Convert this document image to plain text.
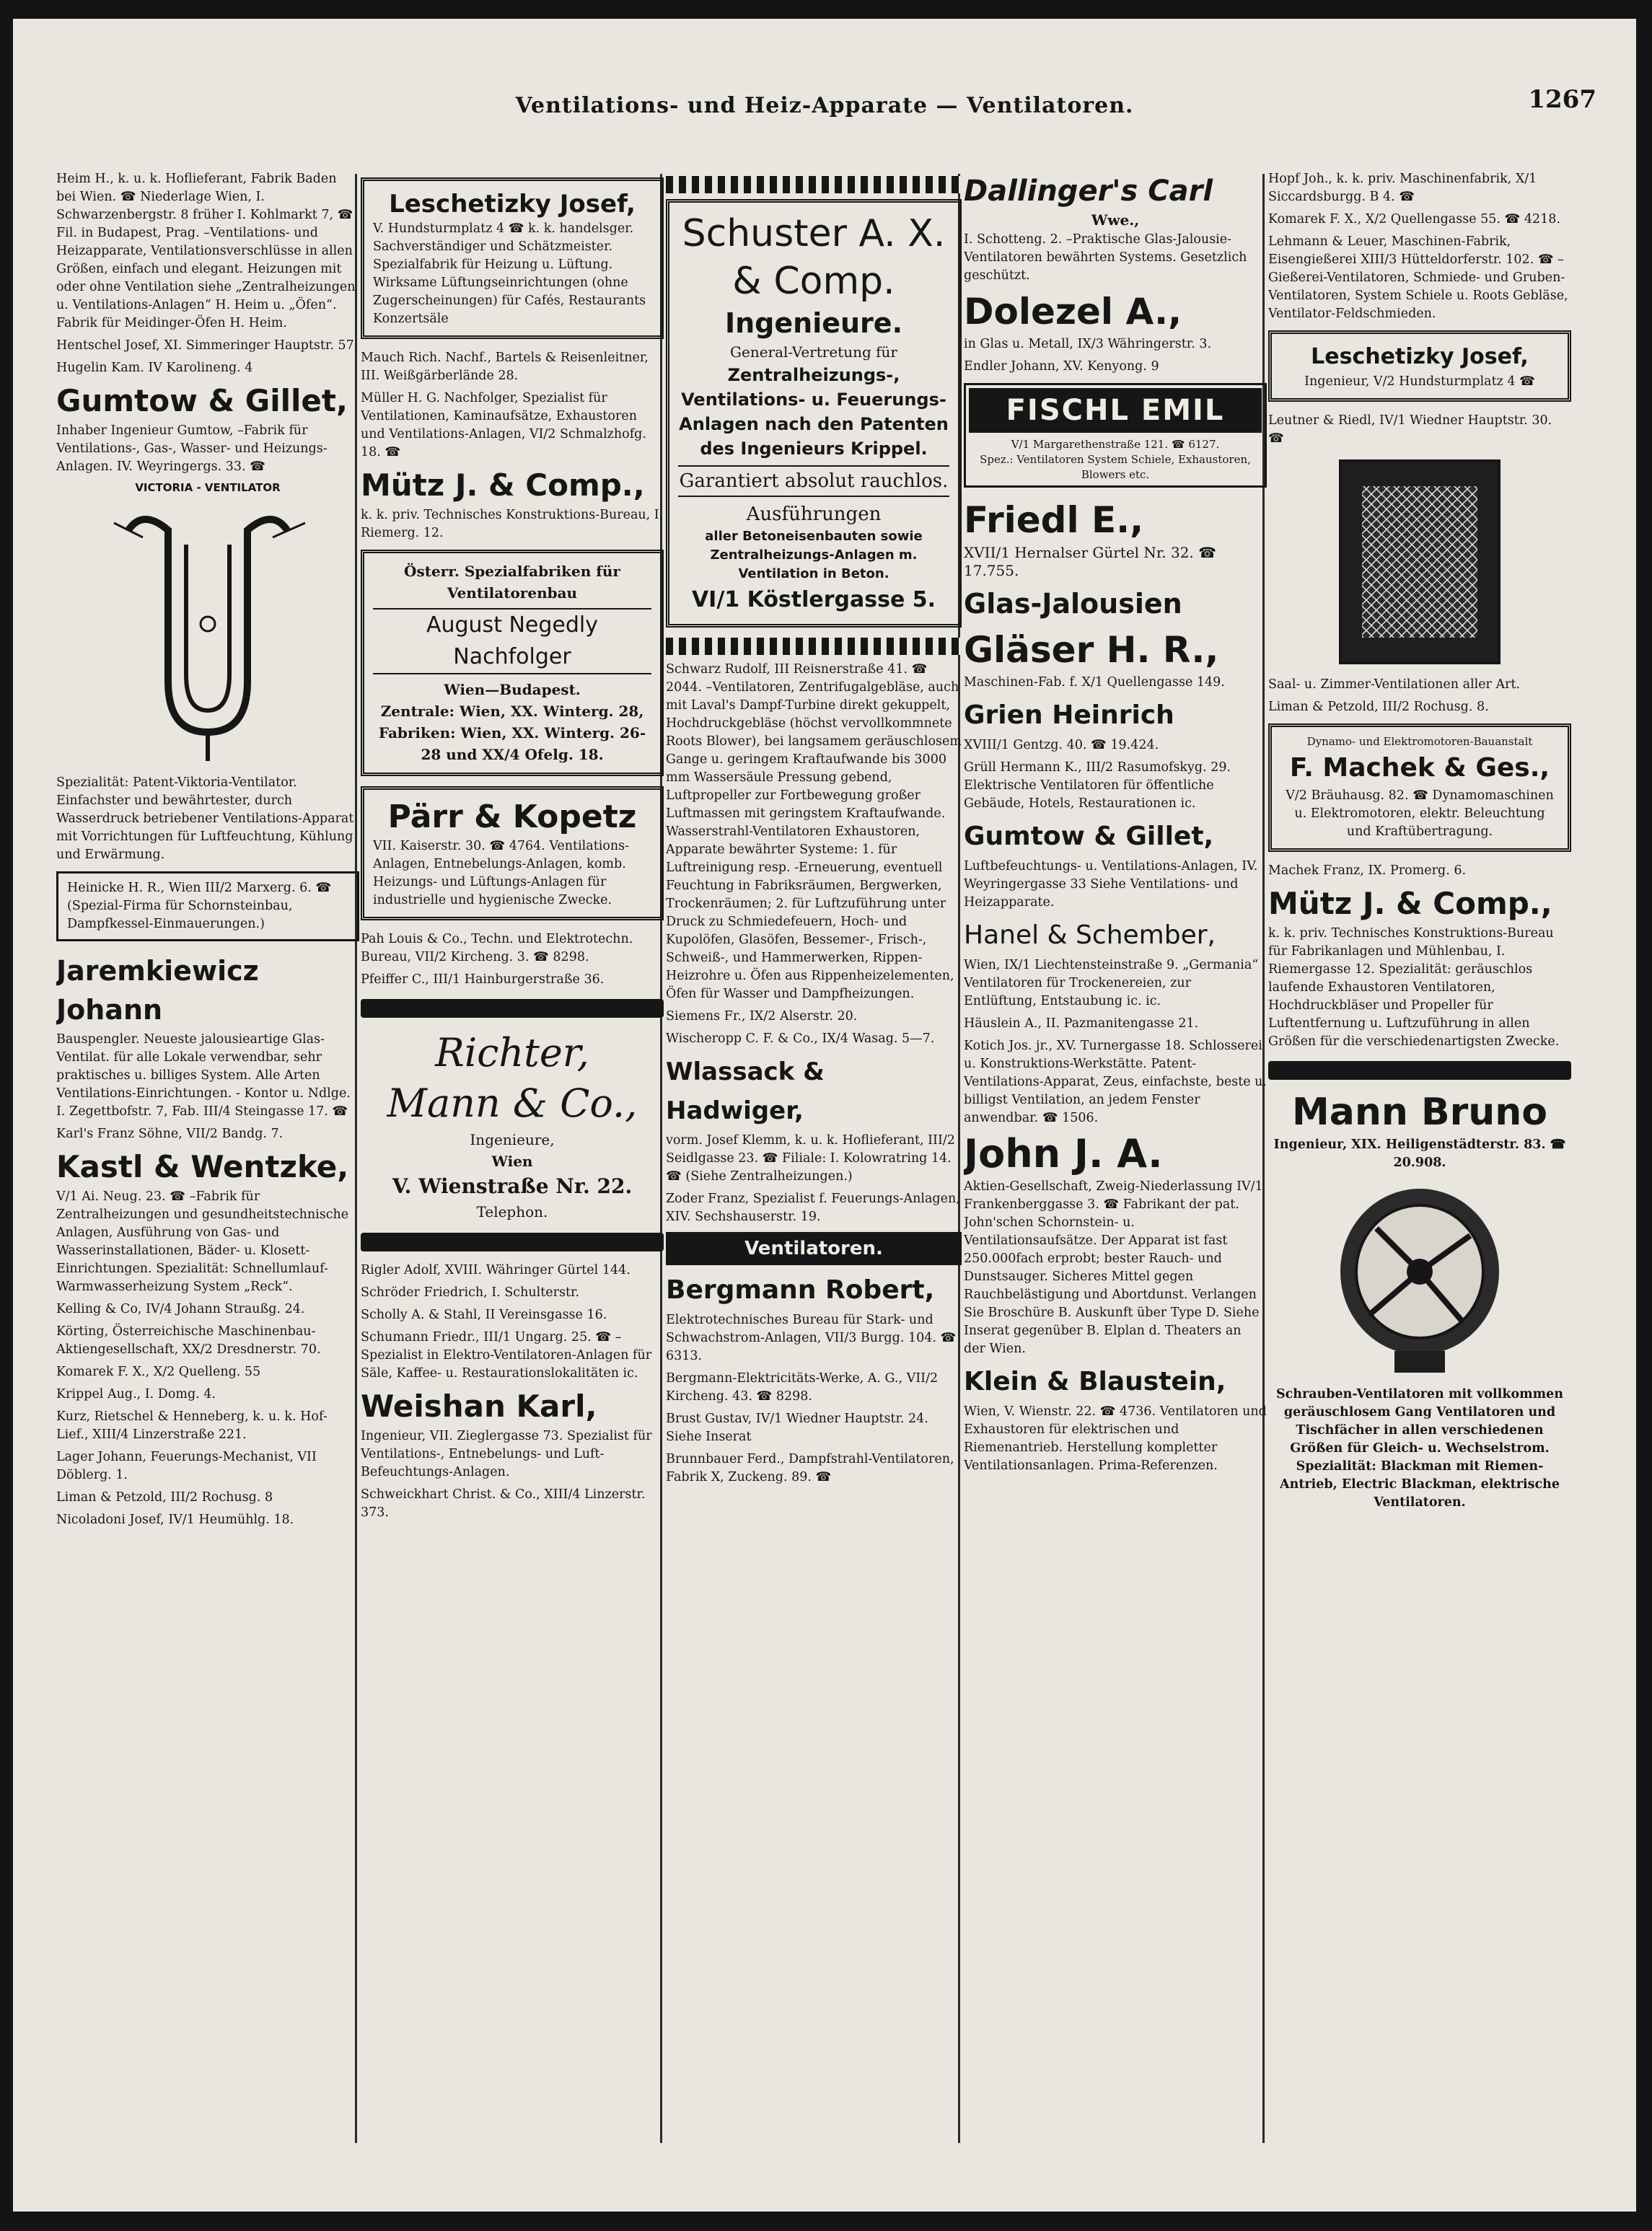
Ventilations- und Heiz-Apparate — Ventilatoren.	1267

Heim H., k. u. k. Hoflieferant, Fabrik Baden bei Wien. ☎ Niederlage Wien, I. Schwarzenbergstr. 8 früher I. Kohlmarkt 7, ☎ Fil. in Budapest, Prag. –Ventilations- und Heizapparate, Ventilationsverschlüsse in allen Größen, einfach und elegant. Heizungen mit oder ohne Ventilation siehe „Zentralheizungen u. Ventilations-Anlagen“ H. Heim u. „Öfen“. Fabrik für Meidinger-Öfen H. Heim.

Hentschel Josef, XI. Simmeringer Hauptstr. 57.

Hugelin Kam. IV Karolineng. 4

Gumtow & Gillet,

Inhaber Ingenieur Gumtow, –Fabrik für Ventilations-, Gas-, Wasser- und Heizungs-Anlagen. IV. Weyringergs. 33. ☎

VICTORIA - VENTILATOR

Spezialität: Patent-Viktoria-Ventilator. Einfachster und bewährtester, durch Wasserdruck betriebener Ventilations-Apparat mit Vorrichtungen für Luftfeuchtung, Kühlung und Erwärmung.

Heinicke H. R., Wien III/2 Marxerg. 6. ☎ (Spezial-Firma für Schornsteinbau, Dampfkessel-Einmauerungen.)

Jaremkiewicz Johann

Bauspengler. Neueste jalousieartige Glas-Ventilat. für alle Lokale verwendbar, sehr praktisches u. billiges System. Alle Arten Ventilations-Einrichtungen. - Kontor u. Ndlge. I. Zegettbofstr. 7, Fab. III/4 Steingasse 17. ☎

Karl's Franz Söhne, VII/2 Bandg. 7.

Kastl & Wentzke,

V/1 Ai. Neug. 23. ☎ –Fabrik für Zentralheizungen und gesundheitstechnische Anlagen, Ausführung von Gas- und Wasserinstallationen, Bäder- u. Klosett-Einrichtungen. Spezialität: Schnellumlauf-Warmwasserheizung System „Reck“.

Kelling & Co, IV/4 Johann Straußg. 24.

Körting, Österreichische Maschinenbau-Aktiengesellschaft, XX/2 Dresdnerstr. 70.

Komarek F. X., X/2 Quelleng. 55

Krippel Aug., I. Domg. 4.

Kurz, Rietschel & Henneberg, k. u. k. Hof-Lief., XIII/4 Linzerstraße 221.

Lager Johann, Feuerungs-Mechanist, VII Döblerg. 1.

Liman & Petzold, III/2 Rochusg. 8

Nicoladoni Josef, IV/1 Heumühlg. 18.

Leschetizky Josef,

V. Hundsturmplatz 4 ☎ k. k. handelsger. Sachverständiger und Schätzmeister. Spezialfabrik für Heizung u. Lüftung. Wirksame Lüftungseinrichtungen (ohne Zugerscheinungen) für Cafés, Restaurants Konzertsäle

Mauch Rich. Nachf., Bartels & Reisenleitner, III. Weißgärberlände 28.

Müller H. G. Nachfolger, Spezialist für Ventilationen, Kaminaufsätze, Exhaustoren und Ventilations-Anlagen, VI/2 Schmalzhofg. 18. ☎

Mütz J. & Comp.,

k. k. priv. Technisches Konstruktions-Bureau, I. Riemerg. 12.

Österr. Spezialfabriken für Ventilatorenbau
August Negedly Nachfolger
Wien—Budapest.
Zentrale: Wien, XX. Winterg. 28, Fabriken: Wien, XX. Winterg. 26-28 und XX/4 Ofelg. 18.
Pärr & Kopetz

VII. Kaiserstr. 30. ☎ 4764. Ventilations-Anlagen, Entnebelungs-Anlagen, komb. Heizungs- und Lüftungs-Anlagen für industrielle und hygienische Zwecke.

Pah Louis & Co., Techn. und Elektrotechn. Bureau, VII/2 Kircheng. 3. ☎ 8298.

Pfeiffer C., III/1 Hainburgerstraße 36.

Richter,
Mann & Co.,
Ingenieure,
Wien
V. Wienstraße Nr. 22.
Telephon.

Rigler Adolf, XVIII. Währinger Gürtel 144.

Schröder Friedrich, I. Schulterstr.

Scholly A. & Stahl, II Vereinsgasse 16.

Schumann Friedr., III/1 Ungarg. 25. ☎ –Spezialist in Elektro-Ventilatoren-Anlagen für Säle, Kaffee- u. Restaurationslokalitäten ic.

Weishan Karl,

Ingenieur, VII. Zieglergasse 73. Spezialist für Ventilations-, Entnebelungs- und Luft-Befeuchtungs-Anlagen.

Schweickhart Christ. & Co., XIII/4 Linzerstr. 373.

Schuster A. X.
& Comp.
Ingenieure.
General-Vertretung für
Zentralheizungs-, Ventilations- u. Feuerungs-Anlagen nach den Patenten des Ingenieurs Krippel.
Garantiert absolut rauchlos.
Ausführungen
aller Betoneisenbauten sowie Zentralheizungs-Anlagen m. Ventilation in Beton.
VI/1 Köstlergasse 5.

Schwarz Rudolf, III Reisnerstraße 41. ☎ 2044. –Ventilatoren, Zentrifugalgebläse, auch mit Laval's Dampf-Turbine direkt gekuppelt, Hochdruckgebläse (höchst vervollkommnete Roots Blower), bei langsamem geräuschlosem Gange u. geringem Kraftaufwande bis 3000 mm Wassersäule Pressung gebend, Luftpropeller zur Fortbewegung großer Luftmassen mit geringstem Kraftaufwande. Wasserstrahl-Ventilatoren Exhaustoren, Apparate bewährter Systeme: 1. für Luftreinigung resp. -Erneuerung, eventuell Feuchtung in Fabriksräumen, Bergwerken, Trockenräumen; 2. für Luftzuführung unter Druck zu Schmiedefeuern, Hoch- und Kupolöfen, Glasöfen, Bessemer-, Frisch-, Schweiß-, und Hammerwerken, Rippen-Heizrohre u. Öfen aus Rippenheizelementen, Öfen für Wasser und Dampfheizungen.

Siemens Fr., IX/2 Alserstr. 20.

Wischeropp C. F. & Co., IX/4 Wasag. 5—7.

Wlassack & Hadwiger,

vorm. Josef Klemm, k. u. k. Hoflieferant, III/2 Seidlgasse 23. ☎ Filiale: I. Kolowratring 14. ☎ (Siehe Zentralheizungen.)

Zoder Franz, Spezialist f. Feuerungs-Anlagen, XIV. Sechshauserstr. 19.

Ventilatoren.
Bergmann Robert,

Elektrotechnisches Bureau für Stark- und Schwachstrom-Anlagen, VII/3 Burgg. 104. ☎ 6313.

Bergmann-Elektricitäts-Werke, A. G., VII/2 Kircheng. 43. ☎ 8298.

Brust Gustav, IV/1 Wiedner Hauptstr. 24. Siehe Inserat

Brunnbauer Ferd., Dampfstrahl-Ventilatoren, Fabrik X, Zuckeng. 89. ☎

Dallinger's Carl
Wwe.,

I. Schotteng. 2. –Praktische Glas-Jalousie-Ventilatoren bewährten Systems. Gesetzlich geschützt.

Dolezel A.,

in Glas u. Metall, IX/3 Währingerstr. 3.

Endler Johann, XV. Kenyong. 9

FISCHL EMIL
V/1 Margarethenstraße 121. ☎ 6127.
Spez.: Ventilatoren System Schiele, Exhaustoren, Blowers etc.
Friedl E.,

XVII/1 Hernalser Gürtel Nr. 32. ☎ 17.755.

Glas-Jalousien
Gläser H. R.,

Maschinen-Fab. f. X/1 Quellengasse 149.

Grien Heinrich

XVIII/1 Gentzg. 40. ☎ 19.424.

Grüll Hermann K., III/2 Rasumofskyg. 29. Elektrische Ventilatoren für öffentliche Gebäude, Hotels, Restaurationen ic.

Gumtow & Gillet,

Luftbefeuchtungs- u. Ventilations-Anlagen, IV. Weyringergasse 33 Siehe Ventilations- und Heizapparate.

Hanel & Schember,

Wien, IX/1 Liechtensteinstraße 9. „Germania“ Ventilatoren für Trockenereien, zur Entlüftung, Entstaubung ic. ic.

Häuslein A., II. Pazmanitengasse 21.

Kotich Jos. jr., XV. Turnergasse 18. Schlosserei u. Konstruktions-Werkstätte. Patent-Ventilations-Apparat, Zeus, einfachste, beste u. billigst Ventilation, an jedem Fenster anwendbar. ☎ 1506.

John J. A.

Aktien-Gesellschaft, Zweig-Niederlassung IV/1 Frankenberggasse 3. ☎ Fabrikant der pat. John'schen Schornstein- u. Ventilationsaufsätze. Der Apparat ist fast 250.000fach erprobt; bester Rauch- und Dunstsauger. Sicheres Mittel gegen Rauchbelästigung und Abortdunst. Verlangen Sie Broschüre B. Auskunft über Type D. Siehe Inserat gegenüber B. Elplan d. Theaters an der Wien.

Klein & Blaustein,

Wien, V. Wienstr. 22. ☎ 4736. Ventilatoren und Exhaustoren für elektrischen und Riemenantrieb. Herstellung kompletter Ventilationsanlagen. Prima-Referenzen.

Hopf Joh., k. k. priv. Maschinenfabrik, X/1 Siccardsburgg. B 4. ☎

Komarek F. X., X/2 Quellengasse 55. ☎ 4218.

Lehmann & Leuer, Maschinen-Fabrik, Eisengießerei XIII/3 Hütteldorferstr. 102. ☎ –Gießerei-Ventilatoren, Schmiede- und Gruben-Ventilatoren, System Schiele u. Roots Gebläse, Ventilator-Feldschmieden.

Leschetizky Josef,

Ingenieur, V/2 Hundsturmplatz 4 ☎

Leutner & Riedl, IV/1 Wiedner Hauptstr. 30. ☎

Saal- u. Zimmer-Ventilationen aller Art.

Liman & Petzold, III/2 Rochusg. 8.

Dynamo- und Elektromotoren-Bauanstalt
F. Machek & Ges.,

V/2 Bräuhausg. 82. ☎ Dynamomaschinen u. Elektromotoren, elektr. Beleuchtung und Kraftübertragung.

Machek Franz, IX. Promerg. 6.

Mütz J. & Comp.,

k. k. priv. Technisches Konstruktions-Bureau für Fabrikanlagen und Mühlenbau, I. Riemergasse 12. Spezialität: geräuschlos laufende Exhaustoren Ventilatoren, Hochdruckbläser und Propeller für Luftentfernung u. Luftzuführung in allen Größen für die verschiedenartigsten Zwecke.

Mann Bruno

Ingenieur, XIX. Heiligenstädterstr. 83. ☎ 20.908.

Schrauben-Ventilatoren mit vollkommen geräuschlosem Gang Ventilatoren und Tischfächer in allen verschiedenen Größen für Gleich- u. Wechselstrom. Spezialität: Blackman mit Riemen-Antrieb, Electric Blackman, elektrische Ventilatoren.
